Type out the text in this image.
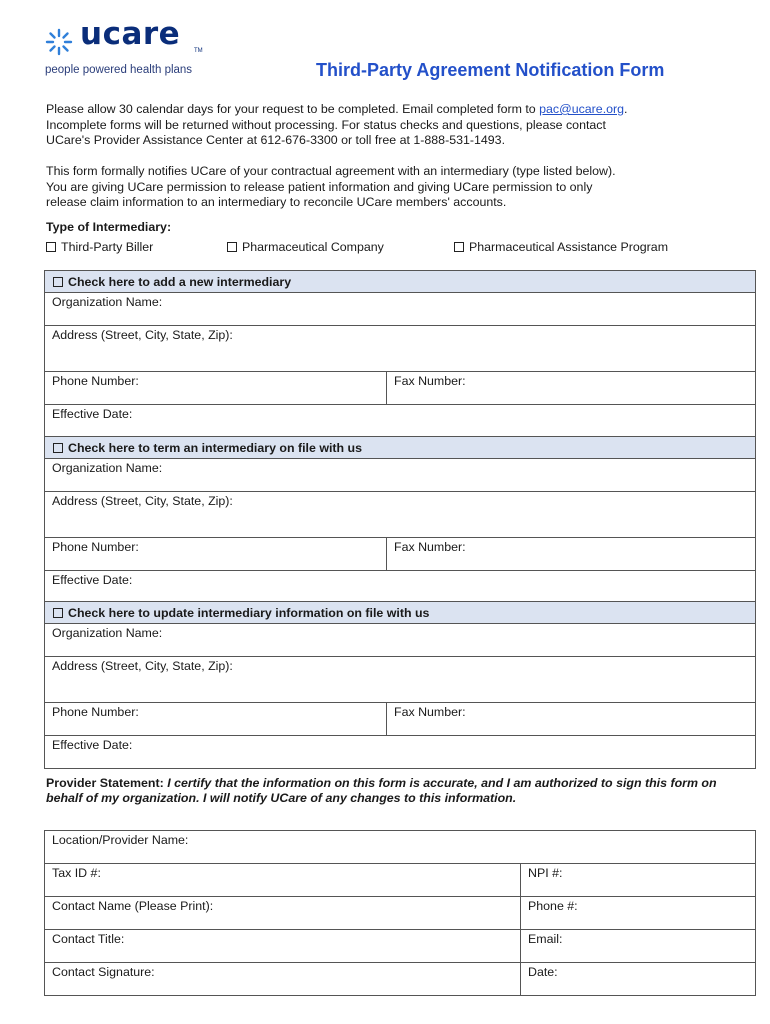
ucare TM
people powered health plans	Third-Party Agreement Notification Form
Please allow 30 calendar days for your request to be completed. Email completed form to pac@ucare.org.
Incomplete forms will be returned without processing. For status checks and questions, please contact
UCare's Provider Assistance Center at 612-676-3300 or toll free at 1-888-531-1493.
This form formally notifies UCare of your contractual agreement with an intermediary (type listed below).
You are giving UCare permission to release patient information and giving UCare permission to only
release claim information to an intermediary to reconcile UCare members' accounts.
Type of Intermediary:
Third-Party Biller	Pharmaceutical Company	Pharmaceutical Assistance Program
Check here to add a new intermediary
Organization Name:
Address (Street, City, State, Zip):
Phone Number:	Fax Number:
Effective Date:
Check here to term an intermediary on file with us
Organization Name:
Address (Street, City, State, Zip):
Phone Number:	Fax Number:
Effective Date:
Check here to update intermediary information on file with us
Organization Name:
Address (Street, City, State, Zip):
Phone Number:	Fax Number:
Effective Date:
Provider Statement: I certify that the information on this form is accurate, and I am authorized to sign this form on behalf of my organization. I will notify UCare of any changes to this information.
Location/Provider Name:
Tax ID #:	NPI #:
Contact Name (Please Print):	Phone #:
Contact Title:	Email:
Contact Signature:	Date:
